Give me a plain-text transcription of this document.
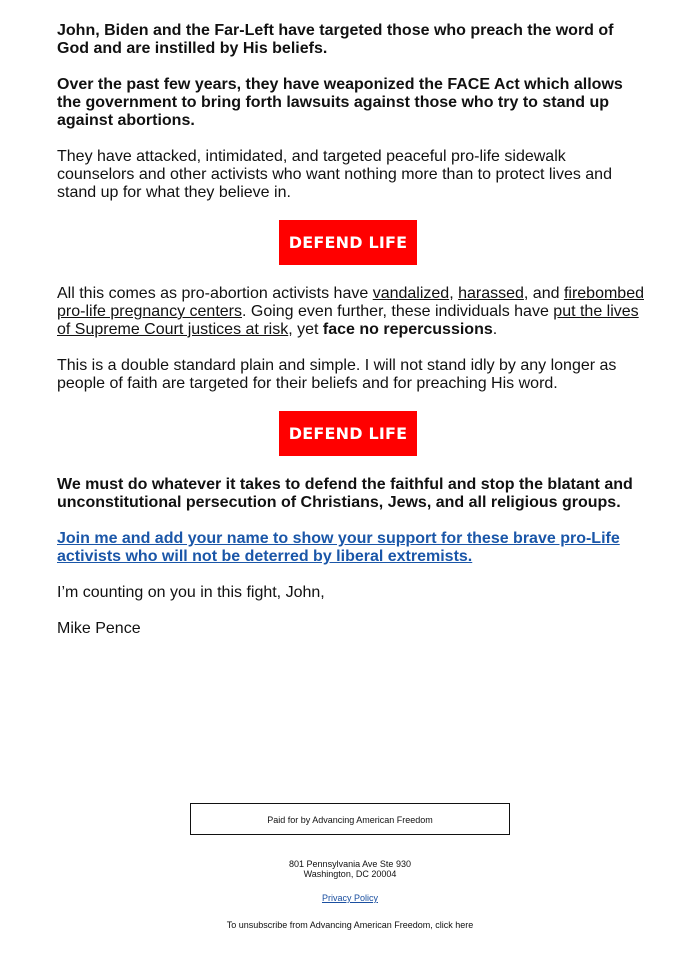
John, Biden and the Far-Left have targeted those who preach the word of God and are instilled by His beliefs.

Over the past few years, they have weaponized the FACE Act which allows the government to bring forth lawsuits against those who try to stand up against abortions.

They have attacked, intimidated, and targeted peaceful pro-life sidewalk counselors and other activists who want nothing more than to protect lives and stand up for what they believe in.

DEFEND LIFE

All this comes as pro-abortion activists have vandalized, harassed, and firebombed pro-life pregnancy centers. Going even further, these individuals have put the lives of Supreme Court justices at risk, yet face no repercussions.

This is a double standard plain and simple. I will not stand idly by any longer as people of faith are targeted for their beliefs and for preaching His word.

DEFEND LIFE

We must do whatever it takes to defend the faithful and stop the blatant and unconstitutional persecution of Christians, Jews, and all religious groups.

Join me and add your name to show your support for these brave pro-Life activists who will not be deterred by liberal extremists.

I’m counting on you in this fight, John,

Mike Pence

Paid for by Advancing American Freedom
801 Pennsylvania Ave Ste 930
Washington, DC 20004
Privacy Policy
To unsubscribe from Advancing American Freedom, click here
